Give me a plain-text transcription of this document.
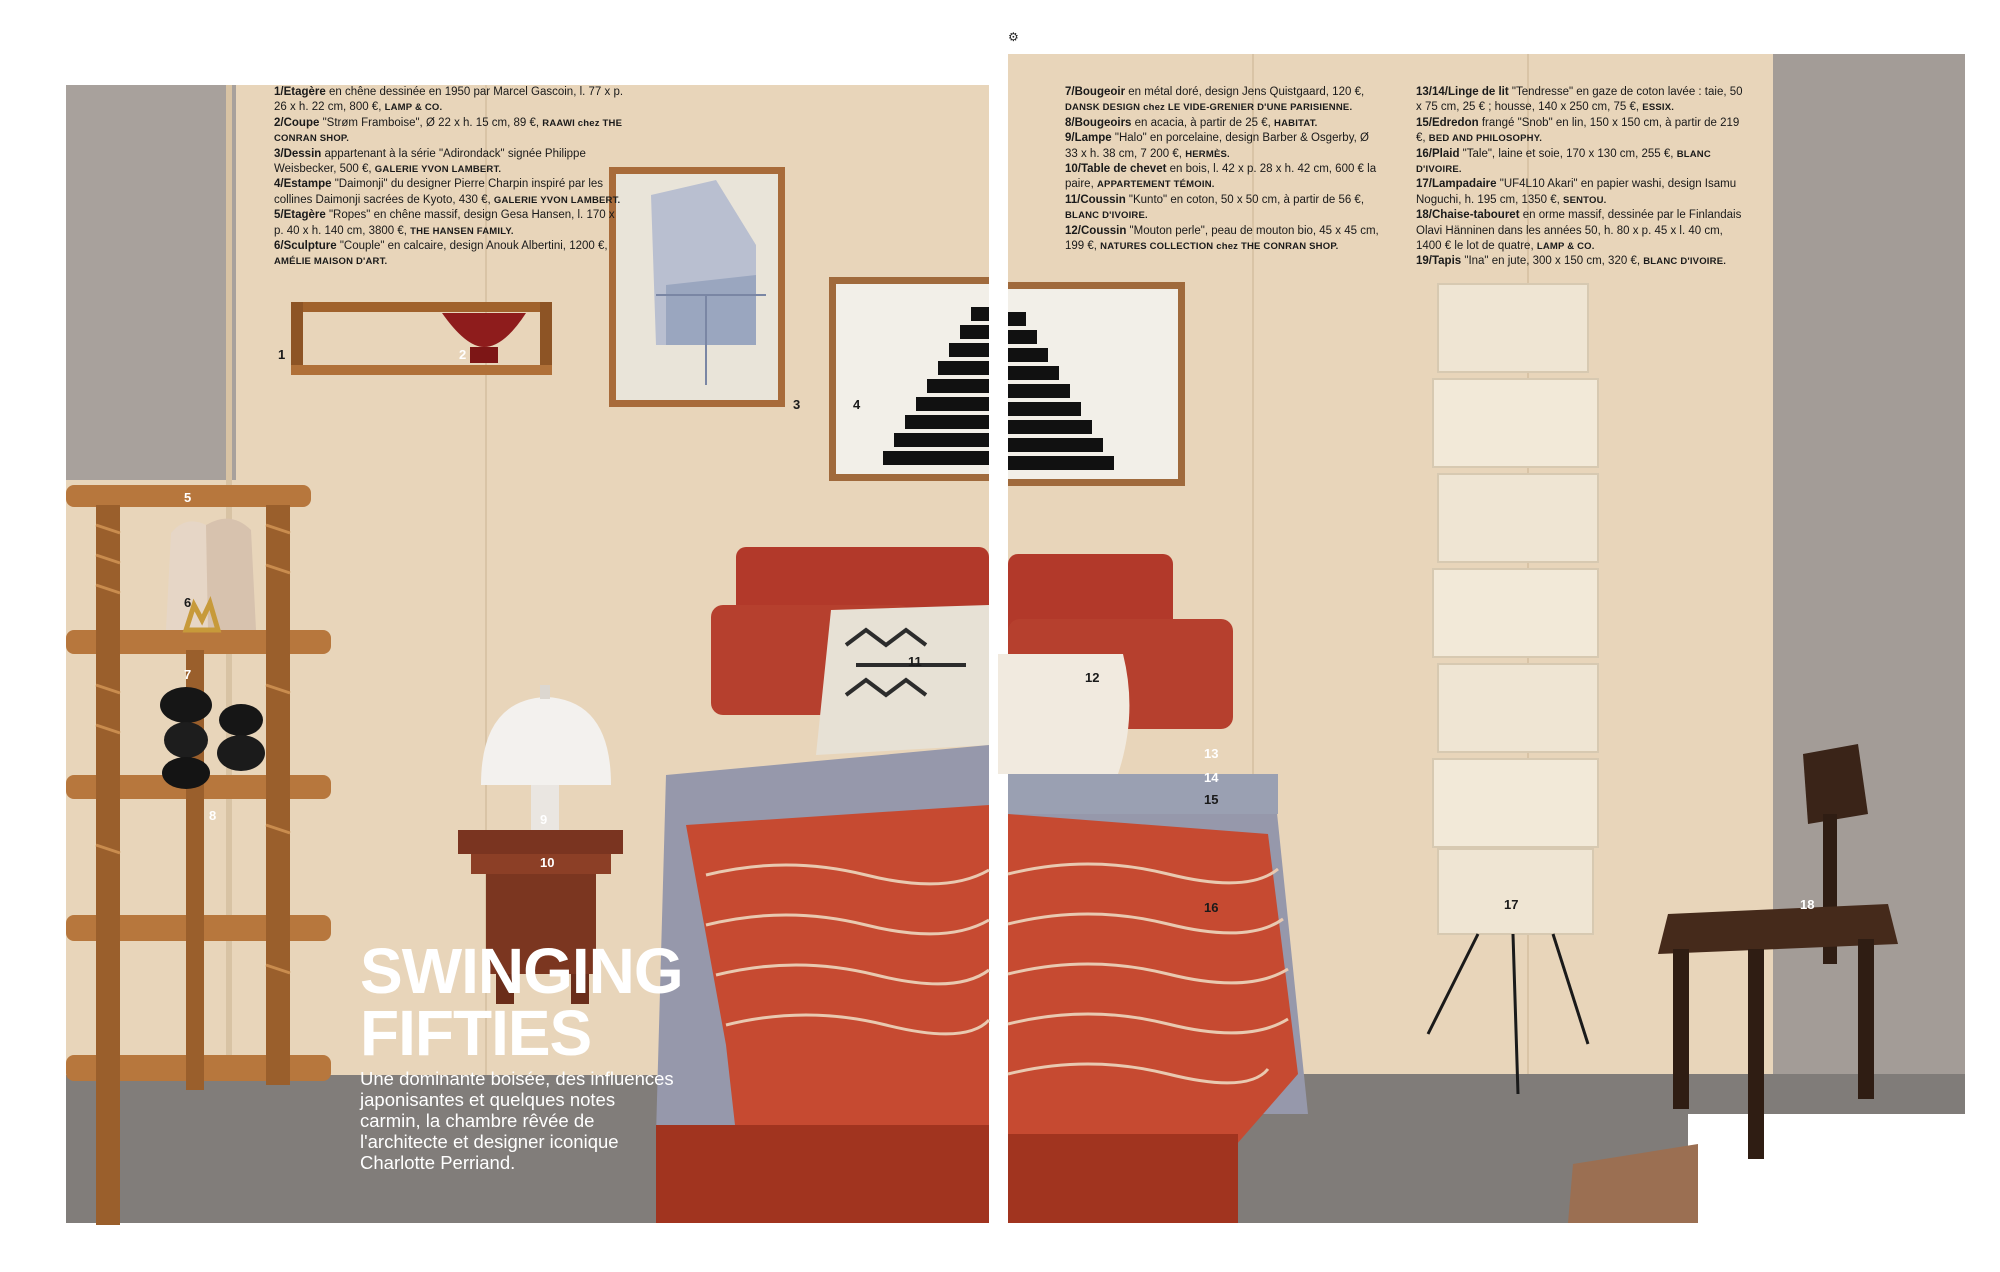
1/Etagère en chêne dessinée en 1950 par Marcel Gascoin, l. 77 x p. 26 x h. 22 cm, 800 €, LAMP & CO.
2/Coupe "Strøm Framboise", Ø 22 x h. 15 cm, 89 €, RAAWI chez THE CONRAN SHOP.
3/Dessin appartenant à la série "Adirondack" signée Philippe Weisbecker, 500 €, GALERIE YVON LAMBERT.
4/Estampe "Daimonji" du designer Pierre Charpin inspiré par les collines Daimonji sacrées de Kyoto, 430 €, GALERIE YVON LAMBERT.
5/Etagère "Ropes" en chêne massif, design Gesa Hansen, l. 170 x p. 40 x h. 140 cm, 3800 €, THE HANSEN FAMILY.
6/Sculpture "Couple" en calcaire, design Anouk Albertini, 1200 €, AMÉLIE MAISON D'ART.
1	2
3	4
5
6
7
8	9
10
SWINGING
FIFTIES

Une dominante boisée, des influences japonisantes et quelques notes carmin, la chambre rêvée de l'architecte et designer iconique Charlotte Perriand.

⚙
7/Bougeoir en métal doré, design Jens Quistgaard, 120 €, DANSK DESIGN chez LE VIDE-GRENIER D'UNE PARISIENNE.
8/Bougeoirs en acacia, à partir de 25 €, HABITAT.
9/Lampe "Halo" en porcelaine, design Barber & Osgerby, Ø 33 x h. 38 cm, 7 200 €, HERMÈS.
10/Table de chevet en bois, l. 42 x p. 28 x h. 42 cm, 600 € la paire, APPARTEMENT TÉMOIN.
11/Coussin "Kunto" en coton, 50 x 50 cm, à partir de 56 €, BLANC D'IVOIRE.
12/Coussin "Mouton perle", peau de mouton bio, 45 x 45 cm, 199 €, NATURES COLLECTION chez THE CONRAN SHOP.
13/14/Linge de lit "Tendresse" en gaze de coton lavée : taie, 50 x 75 cm, 25 € ; housse, 140 x 250 cm, 75 €, ESSIX.
15/Edredon frangé "Snob" en lin, 150 x 150 cm, à partir de 219 €, BED AND PHILOSOPHY.
16/Plaid "Tale", laine et soie, 170 x 130 cm, 255 €, BLANC D'IVOIRE.
17/Lampadaire "UF4L10 Akari" en papier washi, design Isamu Noguchi, h. 195 cm, 1350 €, SENTOU.
18/Chaise-tabouret en orme massif, dessinée par le Finlandais Olavi Hänninen dans les années 50, h. 80 x p. 45 x l. 40 cm, 1400 € le lot de quatre, LAMP & CO.
19/Tapis "Ina" en jute, 300 x 150 cm, 320 €, BLANC D'IVOIRE.
11
12
13
14
15
16	17	18
